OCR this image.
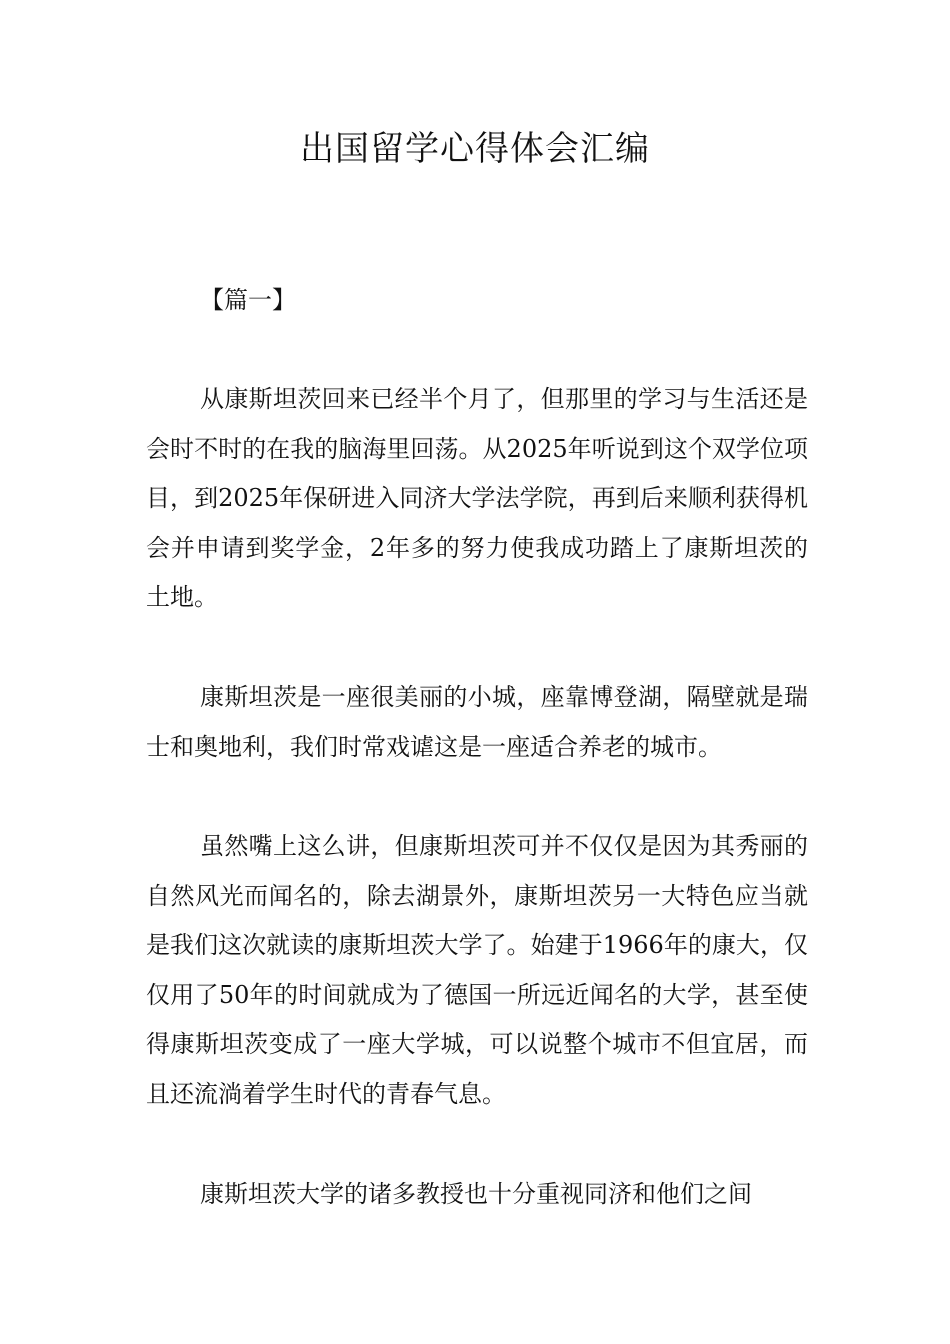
出国留学心得体会汇编

【篇一】

从康斯坦茨回来已经半个月了，但那里的学习与生活还是会时不时的在我的脑海里回荡。从2025年听说到这个双学位项目，到2025年保研进入同济大学法学院，再到后来顺利获得机会并申请到奖学金，2年多的努力使我成功踏上了康斯坦茨的土地。

康斯坦茨是一座很美丽的小城，座靠博登湖，隔壁就是瑞士和奥地利，我们时常戏谑这是一座适合养老的城市。

虽然嘴上这么讲，但康斯坦茨可并不仅仅是因为其秀丽的自然风光而闻名的，除去湖景外，康斯坦茨另一大特色应当就是我们这次就读的康斯坦茨大学了。始建于1966年的康大，仅仅用了50年的时间就成为了德国一所远近闻名的大学，甚至使得康斯坦茨变成了一座大学城，可以说整个城市不但宜居，而且还流淌着学生时代的青春气息。

康斯坦茨大学的诸多教授也十分重视同济和他们之间
